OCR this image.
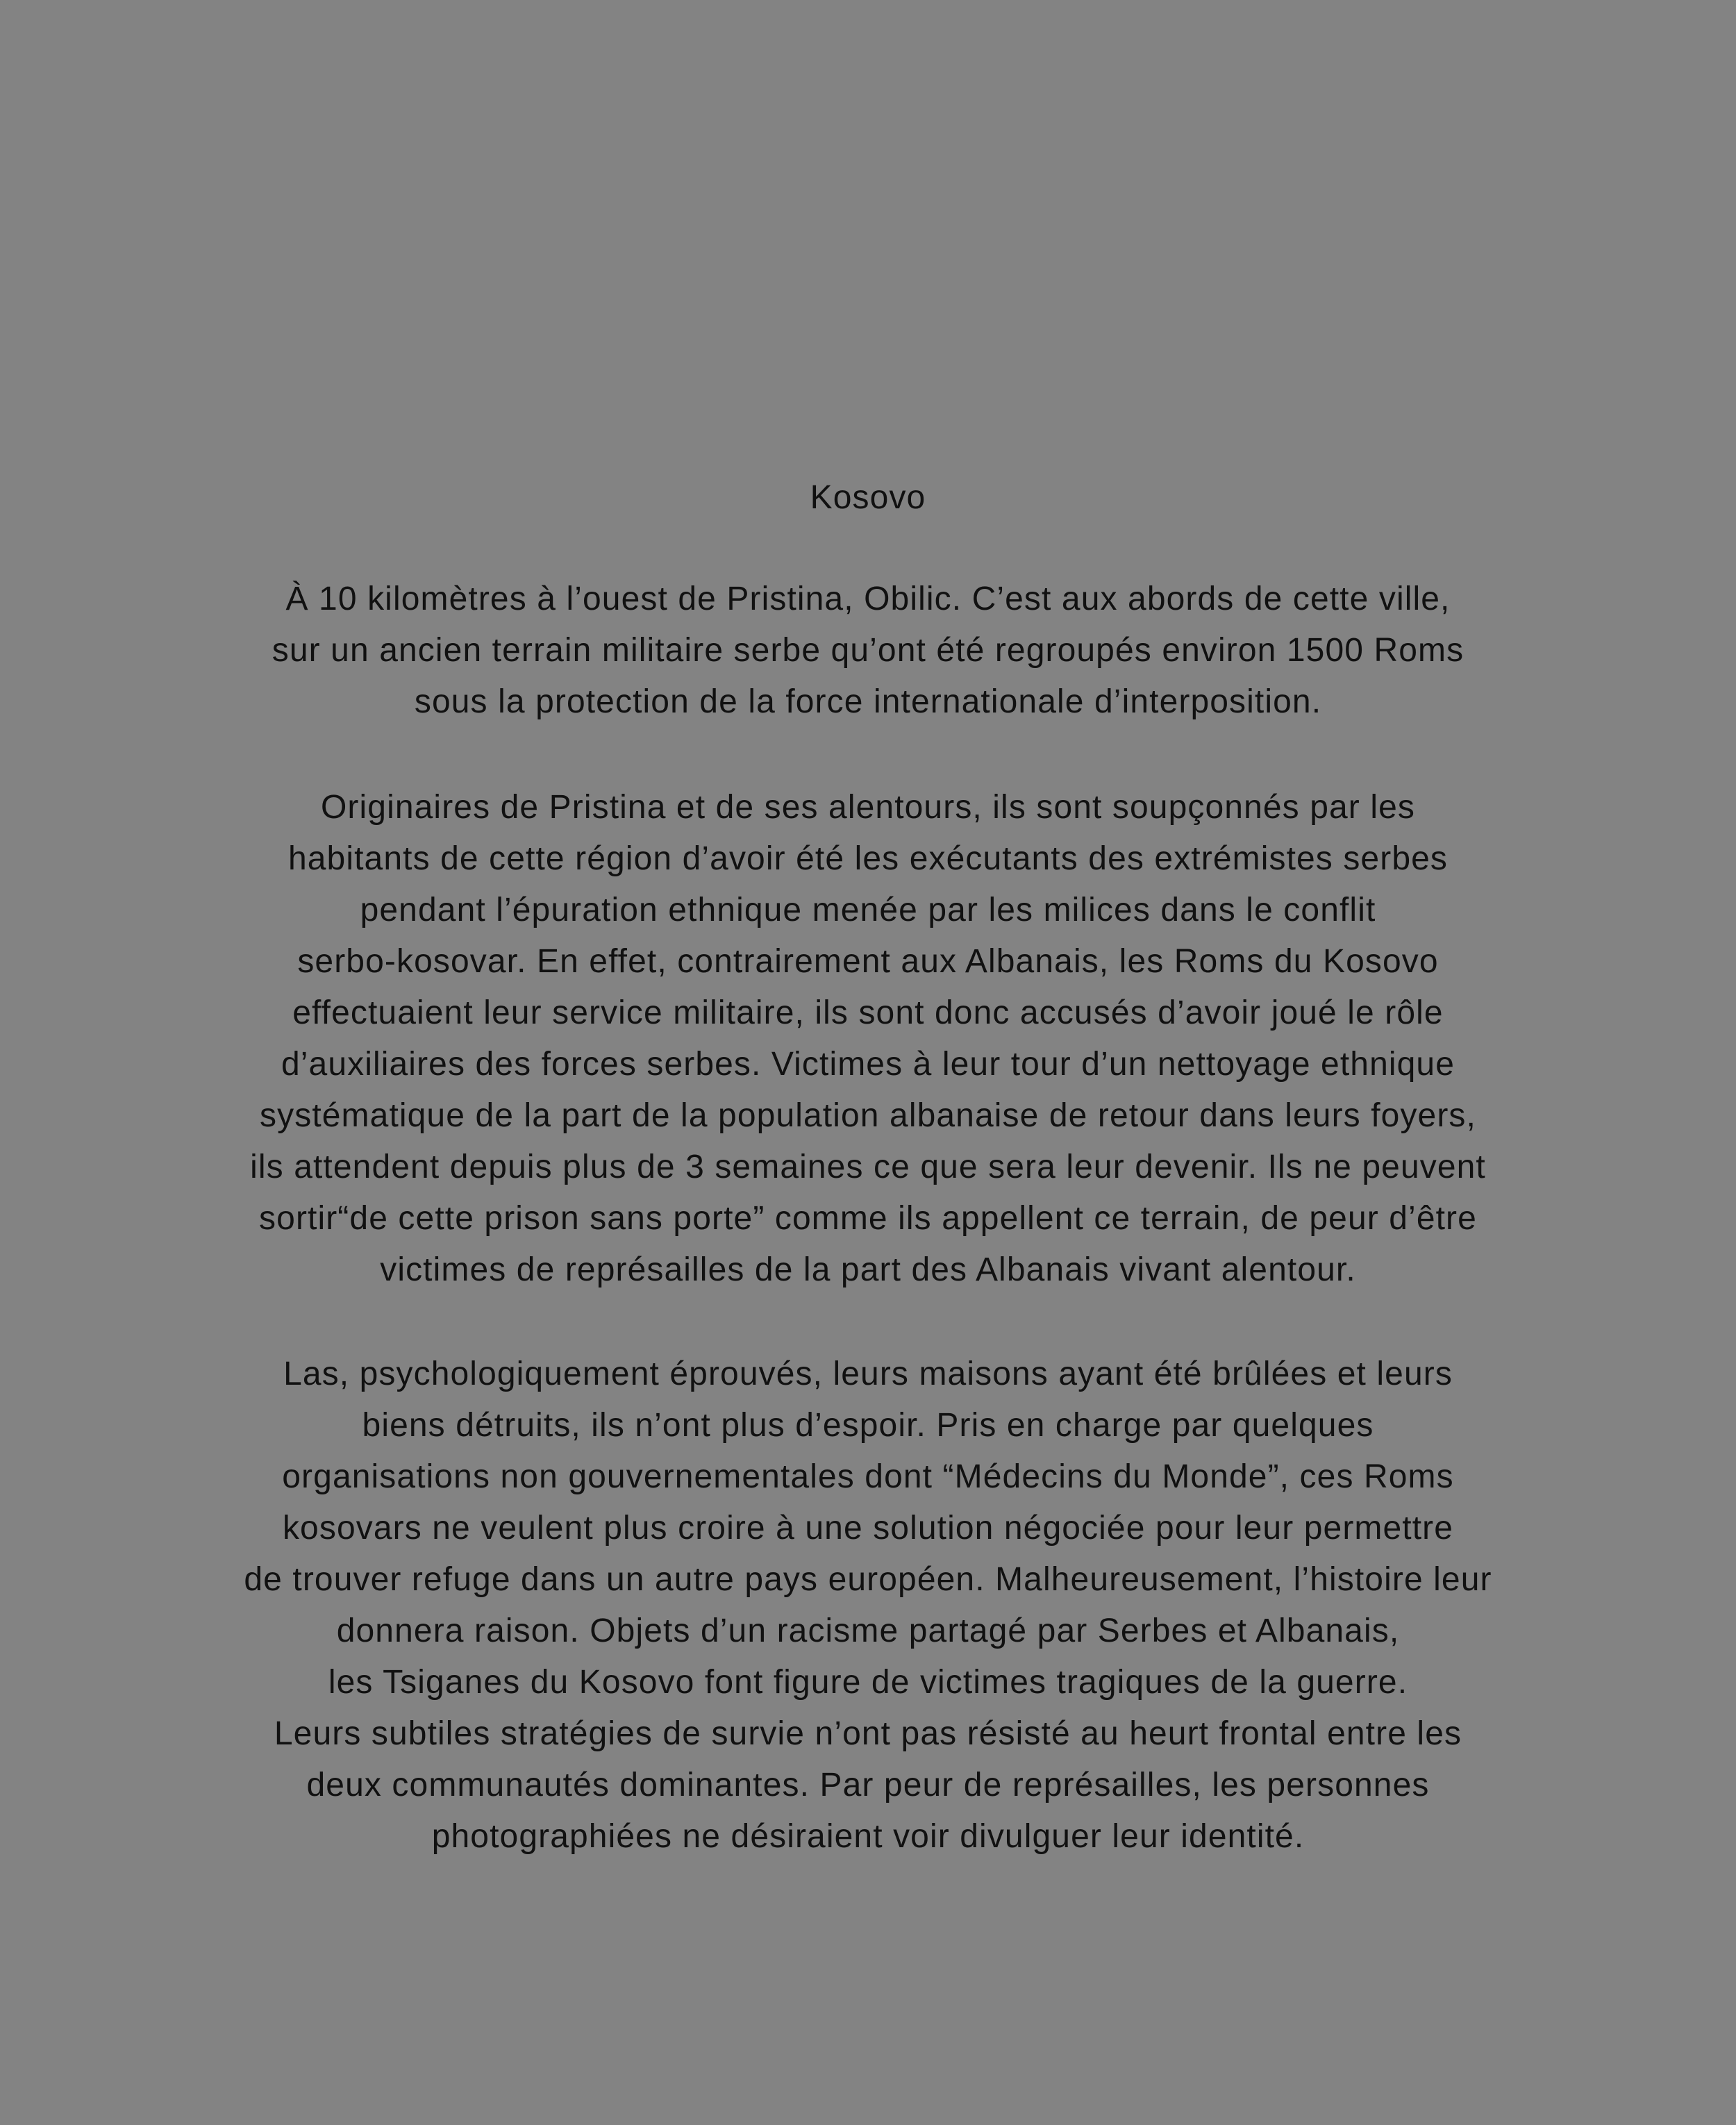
Kosovo
À 10 kilomètres à l’ouest de Pristina, Obilic. C’est aux abords de cette ville,
sur un ancien terrain militaire serbe qu’ont été regroupés environ 1500 Roms
sous la protection de la force internationale d’interposition.
Originaires de Pristina et de ses alentours, ils sont soupçonnés par les
habitants de cette région d’avoir été les exécutants des extrémistes serbes
pendant l’épuration ethnique menée par les milices dans le conflit
serbo-kosovar. En effet, contrairement aux Albanais, les Roms du Kosovo
effectuaient leur service militaire, ils sont donc accusés d’avoir joué le rôle
d’auxiliaires des forces serbes. Victimes à leur tour d’un nettoyage ethnique
systématique de la part de la population albanaise de retour dans leurs foyers,
ils attendent depuis plus de 3 semaines ce que sera leur devenir. Ils ne peuvent
sortir“de cette prison sans porte” comme ils appellent ce terrain, de peur d’être
victimes de représailles de la part des Albanais vivant alentour.
Las, psychologiquement éprouvés, leurs maisons ayant été brûlées et leurs
biens détruits, ils n’ont plus d’espoir. Pris en charge par quelques
organisations non gouvernementales dont “Médecins du Monde”, ces Roms
kosovars ne veulent plus croire à une solution négociée pour leur permettre
de trouver refuge dans un autre pays européen. Malheureusement, l’histoire leur
donnera raison. Objets d’un racisme partagé par Serbes et Albanais,
les Tsiganes du Kosovo font figure de victimes tragiques de la guerre.
Leurs subtiles stratégies de survie n’ont pas résisté au heurt frontal entre les
deux communautés dominantes. Par peur de représailles, les personnes
photographiées ne désiraient voir divulguer leur identité.
